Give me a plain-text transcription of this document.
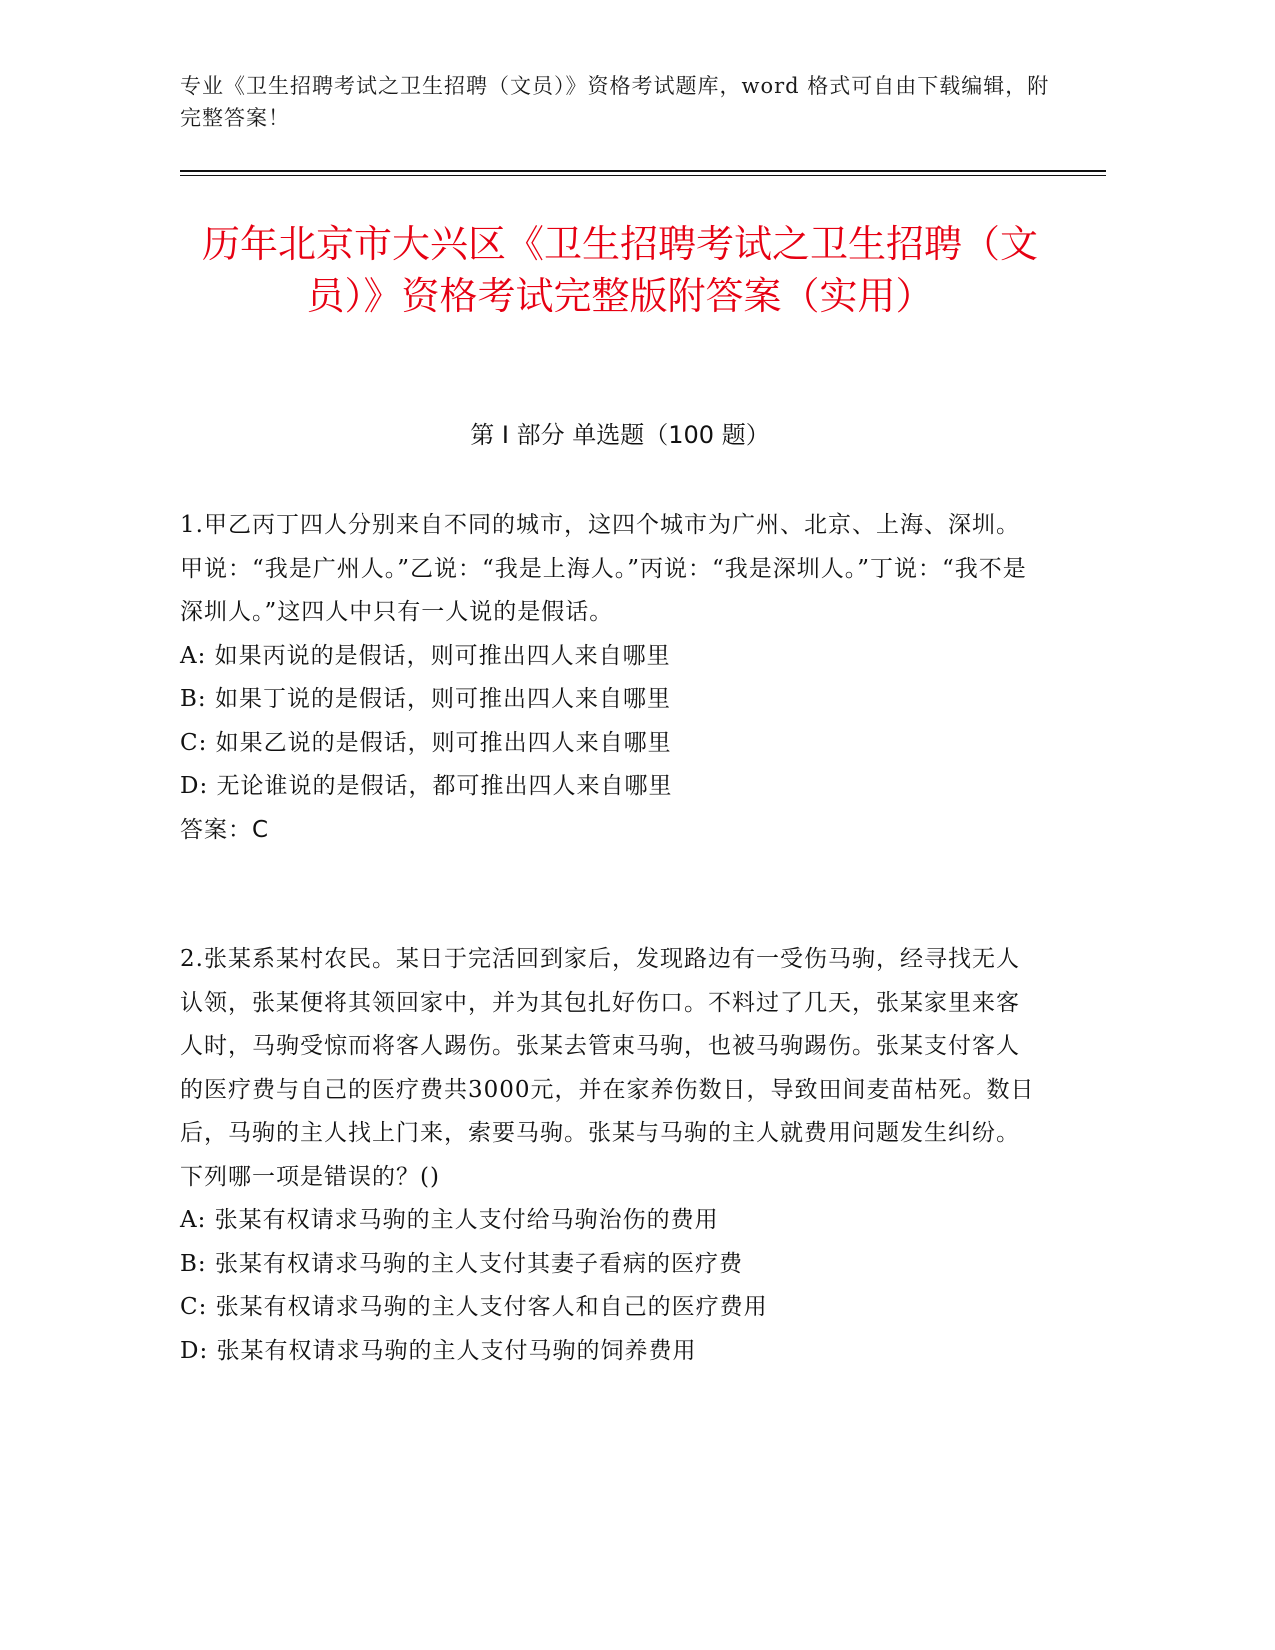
专业《卫生招聘考试之卫生招聘（文员）》资格考试题库，word 格式可自由下载编辑，附完整答案！
历年北京市大兴区《卫生招聘考试之卫生招聘（文员）》资格考试完整版附答案（实用）
第 I 部分 单选题（100 题）

1.甲乙丙丁四人分别来自不同的城市，这四个城市为广州、北京、上海、深圳。甲说：“我是广州人。”乙说：“我是上海人。”丙说：“我是深圳人。”丁说：“我不是深圳人。”这四人中只有一人说的是假话。

A: 如果丙说的是假话，则可推出四人来自哪里

B: 如果丁说的是假话，则可推出四人来自哪里

C: 如果乙说的是假话，则可推出四人来自哪里

D: 无论谁说的是假话，都可推出四人来自哪里

答案：C

2.张某系某村农民。某日于完活回到家后，发现路边有一受伤马驹，经寻找无人认领，张某便将其领回家中，并为其包扎好伤口。不料过了几天，张某家里来客人时，马驹受惊而将客人踢伤。张某去管束马驹，也被马驹踢伤。张某支付客人的医疗费与自己的医疗费共3000元，并在家养伤数日，导致田间麦苗枯死。数日后，马驹的主人找上门来，索要马驹。张某与马驹的主人就费用问题发生纠纷。下列哪一项是错误的？()

A: 张某有权请求马驹的主人支付给马驹治伤的费用

B: 张某有权请求马驹的主人支付其妻子看病的医疗费

C: 张某有权请求马驹的主人支付客人和自己的医疗费用

D: 张某有权请求马驹的主人支付马驹的饲养费用
